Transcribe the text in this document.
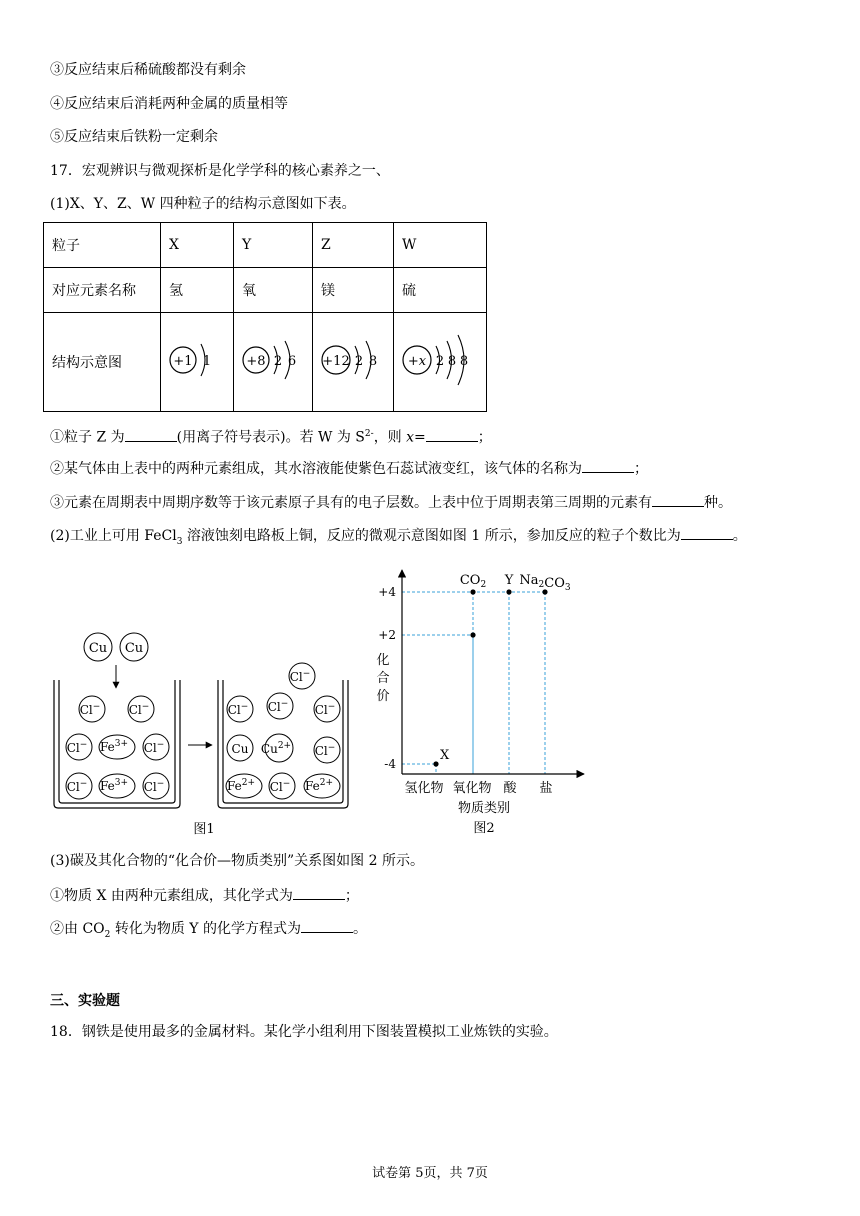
③反应结束后稀硫酸都没有剩余
④反应结束后消耗两种金属的质量相等
⑤反应结束后铁粉一定剩余
17．宏观辨识与微观探析是化学学科的核心素养之一、
(1)X、Y、Z、W 四种粒子的结构示意图如下表。
粒子	X	Y	Z	W
对应元素名称	氢	氧	镁	硫
结构示意图	+1 1	+8 2 6	+12 2 8	+x 2 8 8
①粒子 Z 为	(用离子符号表示)。若 W 为 $S^{2-}$，则 x=	；
②某气体由上表中的两种元素组成，其水溶液能使紫色石蕊试液变红，该气体的名称为	；
③元素在周期表中周期序数等于该元素原子具有的电子层数。上表中位于周期表第三周期的元素有	种。
(2)工业上可用 FeCl$_3$ 溶液蚀刻电路板上铜，反应的微观示意图如图 1 所示，参加反应的粒子个数比为	。
Cu Cu
Cl− Cl−
Cl− $Fe^{3+}$ Cl−
Cl− $Fe^{3+}$ Cl−
Cl−
Cl− Cl− Cl−
Cu $Cu^{2+}$ Cl−
$Fe^{2+}$ Cl− $Fe^{2+}$
图1
+4
+2
-4
氢化物 氧化物 酸 盐
X
$CO_2$ Y $Na_2CO_3$
化合价
物质类别
图2
(3)碳及其化合物的“化合价—物质类别”关系图如图 2 所示。
①物质 X 由两种元素组成，其化学式为	；
②由 $CO_2$ 转化为物质 Y 的化学方程式为	。
三、实验题
18．钢铁是使用最多的金属材料。某化学小组利用下图装置模拟工业炼铁的实验。
试卷第 5页，共 7页
